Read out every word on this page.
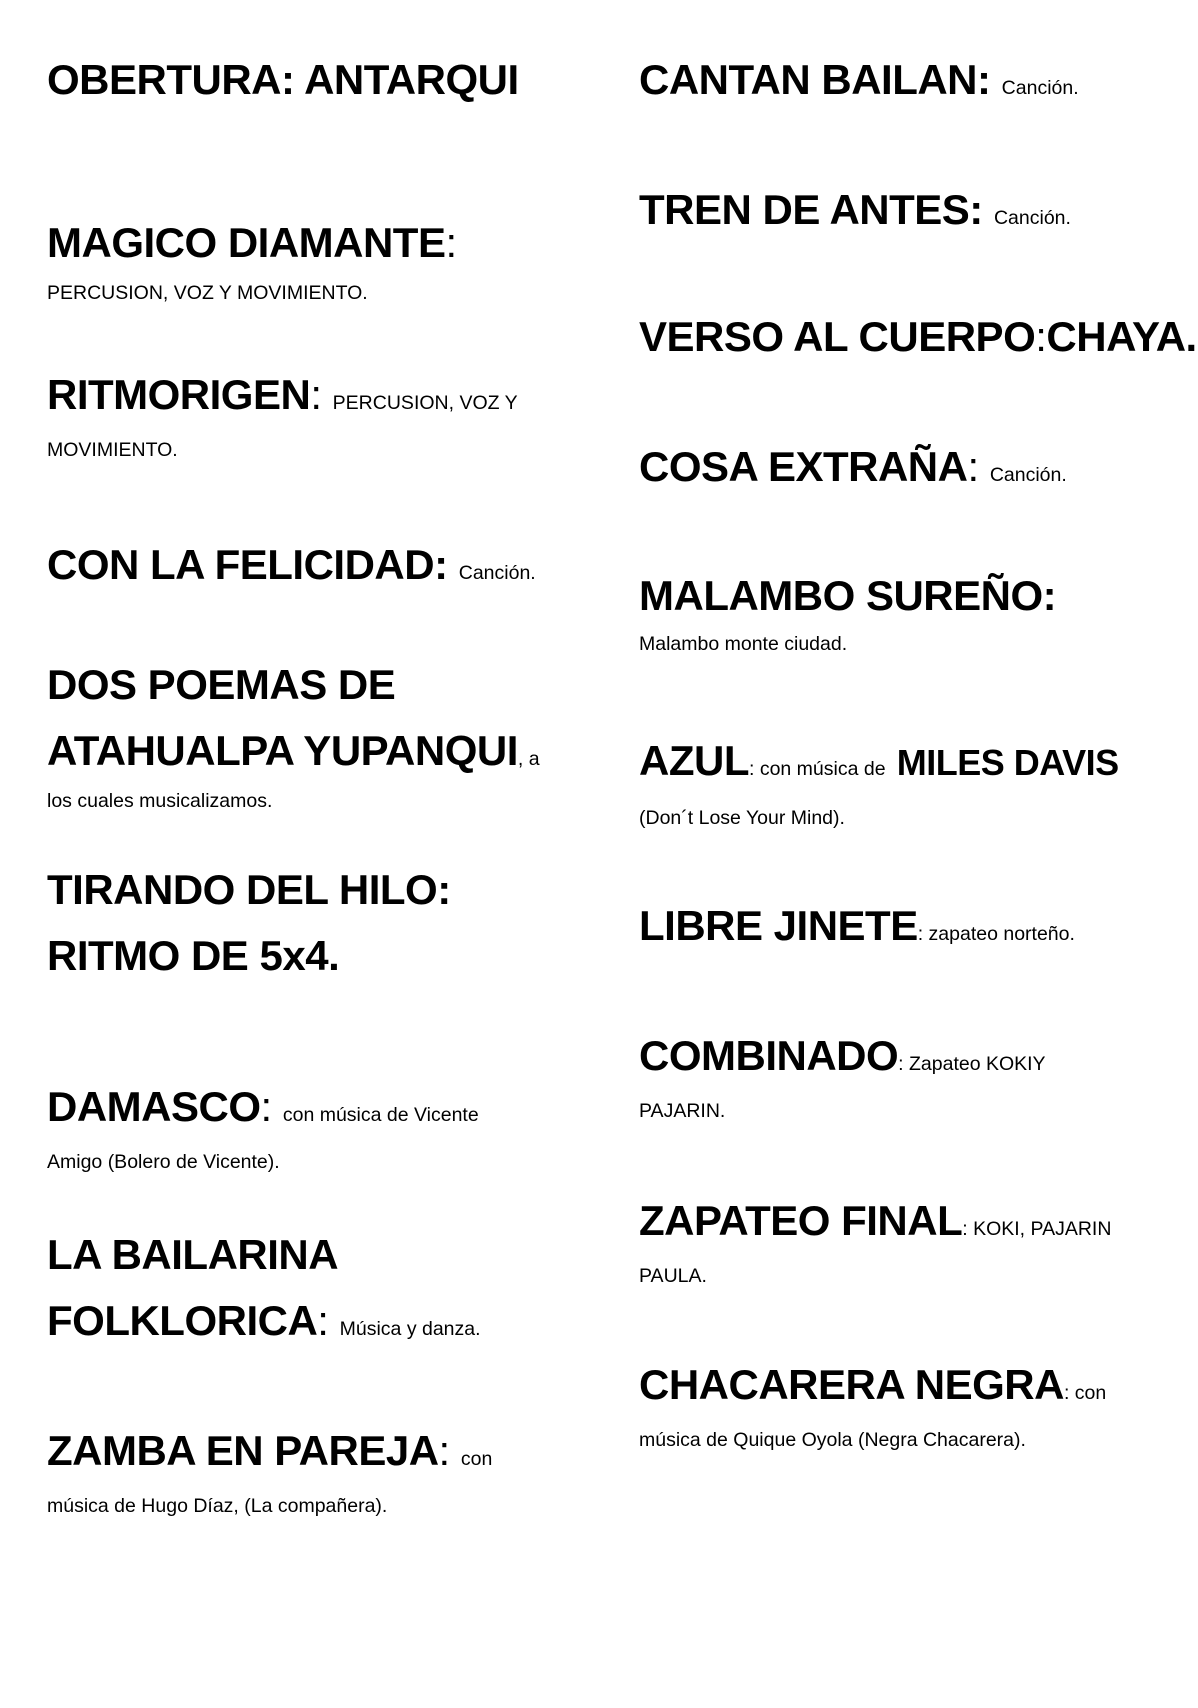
OBERTURA: ANTARQUI
MAGICO DIAMANTE:
PERCUSION, VOZ Y MOVIMIENTO.
RITMORIGEN: PERCUSION, VOZ Y
MOVIMIENTO.
CON LA FELICIDAD: Canción.
DOS POEMAS DE
ATAHUALPA YUPANQUI, a
los cuales musicalizamos.
TIRANDO DEL HILO:
RITMO DE 5x4.
DAMASCO: con música de Vicente
Amigo (Bolero de Vicente).
LA BAILARINA
FOLKLORICA: Música y danza.
ZAMBA EN PAREJA: con
música de Hugo Díaz, (La compañera).
CANTAN BAILAN: Canción.
TREN DE ANTES: Canción.
VERSO AL CUERPO:CHAYA.
COSA EXTRAÑA: Canción.
MALAMBO SUREÑO:
Malambo monte ciudad.
AZUL: con música de MILES DAVIS
(Don´t Lose Your Mind).
LIBRE JINETE: zapateo norteño.
COMBINADO: Zapateo KOKIY
PAJARIN.
ZAPATEO FINAL: KOKI, PAJARIN
PAULA.
CHACARERA NEGRA: con
música de Quique Oyola (Negra Chacarera).
